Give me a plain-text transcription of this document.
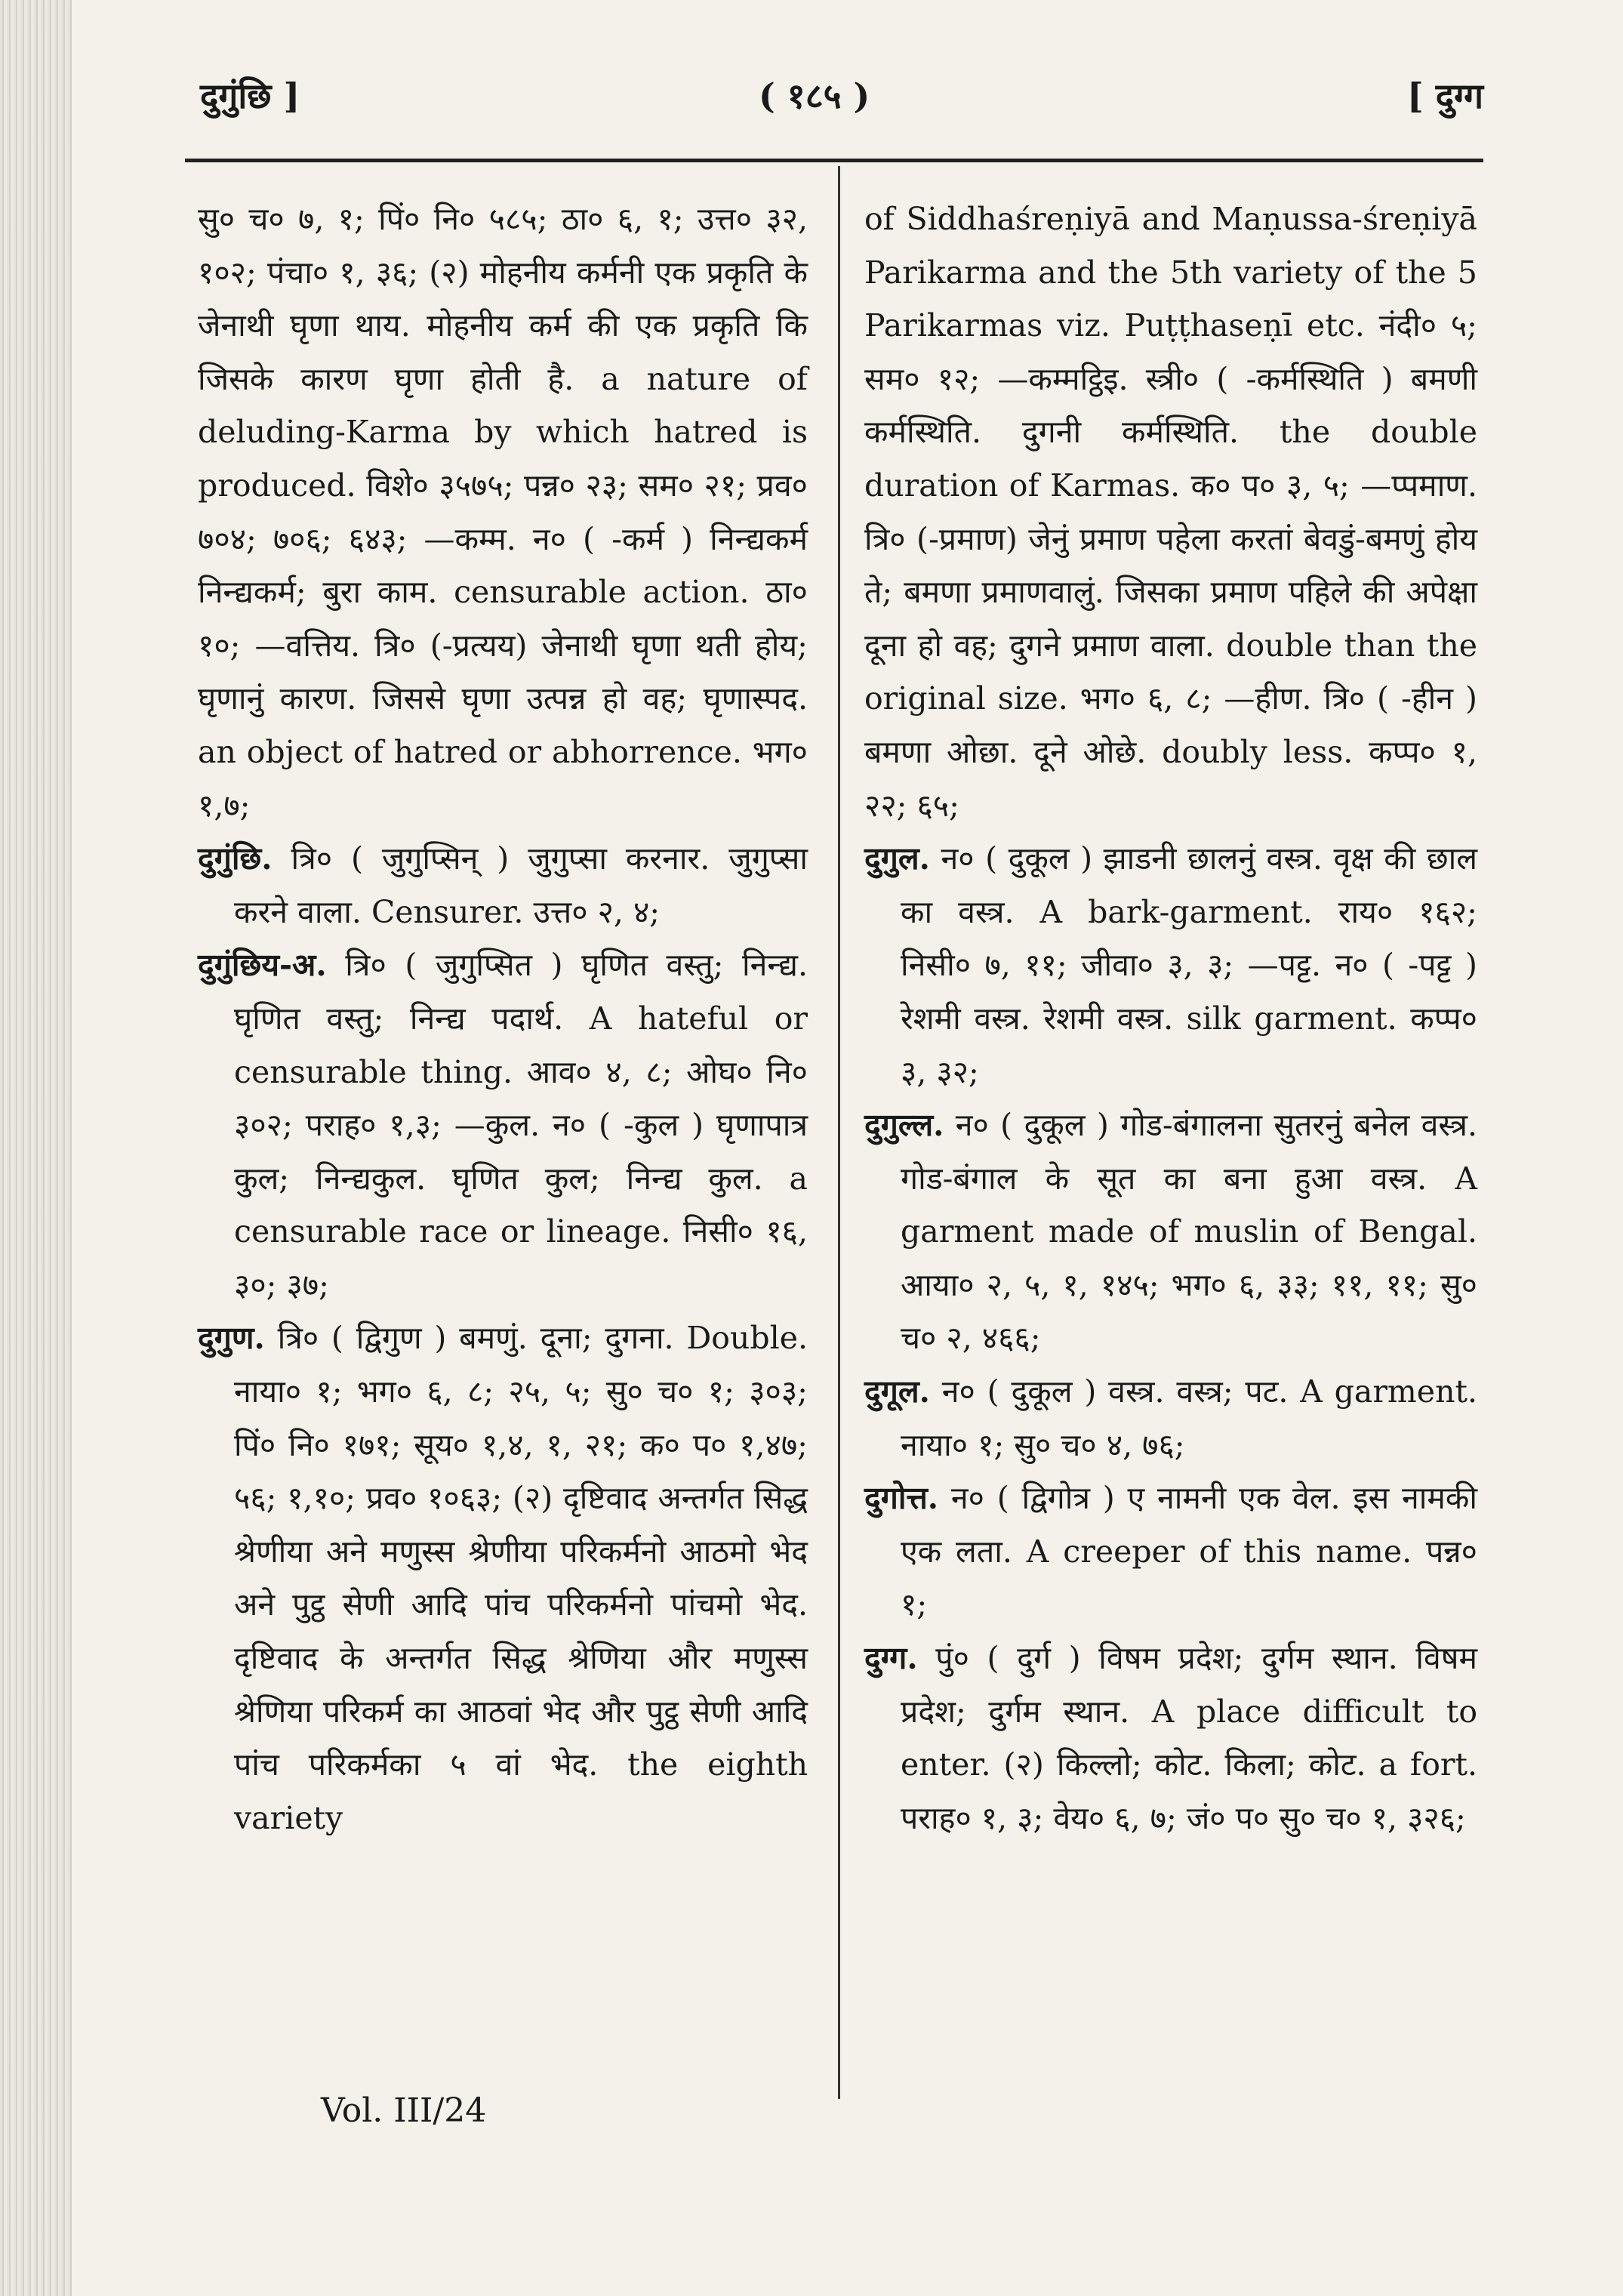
दुगुंछि ]	( १८५ )	[ दुग्ग

सु० च० ७, १; पिं० नि० ५८५; ठा० ६, १; उत्त० ३२, १०२; पंचा० १, ३६; (२) मोहनीय कर्मनी एक प्रकृति के जेनाथी घृणा थाय. मोहनीय कर्म की एक प्रकृति कि जिसके कारण घृणा होती है. a nature of deluding-Karma by which hatred is produced. विशे० ३५७५; पन्न० २३; सम० २१; प्रव० ७०४; ७०६; ६४३; —कम्म. न० ( -कर्म ) निन्द्यकर्म निन्द्यकर्म; बुरा काम. censurable action. ठा० १०; —वत्तिय. त्रि० (-प्रत्यय) जेनाथी घृणा थती होय; घृणानुं कारण. जिससे घृणा उत्पन्न हो वह; घृणास्पद. an object of hatred or abhorrence. भग० १,७;

दुगुंछि. त्रि० ( जुगुप्सिन् ) जुगुप्सा करनार. जुगुप्सा करने वाला. Censurer. उत्त० २, ४;

दुगुंछिय-अ. त्रि० ( जुगुप्सित ) घृणित वस्तु; निन्द्य. घृणित वस्तु; निन्द्य पदार्थ. A hateful or censurable thing. आव० ४, ८; ओघ० नि० ३०२; पराह० १,३; —कुल. न० ( -कुल ) घृणापात्र कुल; निन्द्यकुल. घृणित कुल; निन्द्य कुल. a censurable race or lineage. निसी० १६, ३०; ३७;

दुगुण. त्रि० ( द्विगुण ) बमणुं. दूना; दुगना. Double. नाया० १; भग० ६, ८; २५, ५; सु० च० १; ३०३; पिं० नि० १७१; सूय० १,४, १, २१; क० प० १,४७; ५६; १,१०; प्रव० १०६३; (२) दृष्टिवाद अन्तर्गत सिद्ध श्रेणीया अने मणुस्स श्रेणीया परिकर्मनो आठमो भेद अने पुट्ठ सेणी आदि पांच परिकर्मनो पांचमो भेद. दृष्टिवाद के अन्तर्गत सिद्ध श्रेणिया और मणुस्स श्रेणिया परिकर्म का आठवां भेद और पुट्ठ सेणी आदि पांच परिकर्मका ५ वां भेद. the eighth variety

of Siddhaśreṇiyā and Maṇussa-śreṇiyā Parikarma and the 5th variety of the 5 Parikarmas viz. Puṭṭhaseṇī etc. नंदी० ५; सम० १२; —कम्मट्ठिइ. स्त्री० ( -कर्मस्थिति ) बमणी कर्मस्थिति. दुगनी कर्मस्थिति. the double duration of Karmas. क० प० ३, ५; —प्पमाण. त्रि० (-प्रमाण) जेनुं प्रमाण पहेला करतां बेवडुं-बमणुं होय ते; बमणा प्रमाणवालुं. जिसका प्रमाण पहिले की अपेक्षा दूना हो वह; दुगने प्रमाण वाला. double than the original size. भग० ६, ८; —हीण. त्रि० ( -हीन ) बमणा ओछा. दूने ओछे. doubly less. कप्प० १, २२; ६५;

दुगुल. न० ( दुकूल ) झाडनी छालनुं वस्त्र. वृक्ष की छाल का वस्त्र. A bark-garment. राय० १६२; निसी० ७, ११; जीवा० ३, ३; —पट्ट. न० ( -पट्ट ) रेशमी वस्त्र. रेशमी वस्त्र. silk garment. कप्प० ३, ३२;

दुगुल्ल. न० ( दुकूल ) गोड-बंगालना सुतरनुं बनेल वस्त्र. गोड-बंगाल के सूत का बना हुआ वस्त्र. A garment made of muslin of Bengal. आया० २, ५, १, १४५; भग० ६, ३३; ११, ११; सु० च० २, ४६६;

दुगूल. न० ( दुकूल ) वस्त्र. वस्त्र; पट. A garment. नाया० १; सु० च० ४, ७६;

दुगोत्त. न० ( द्विगोत्र ) ए नामनी एक वेल. इस नामकी एक लता. A creeper of this name. पन्न० १;

दुग्ग. पुं० ( दुर्ग ) विषम प्रदेश; दुर्गम स्थान. विषम प्रदेश; दुर्गम स्थान. A place difficult to enter. (२) किल्लो; कोट. किला; कोट. a fort. पराह० १, ३; वेय० ६, ७; जं० प० सु० च० १, ३२६;

Vol. III/24
